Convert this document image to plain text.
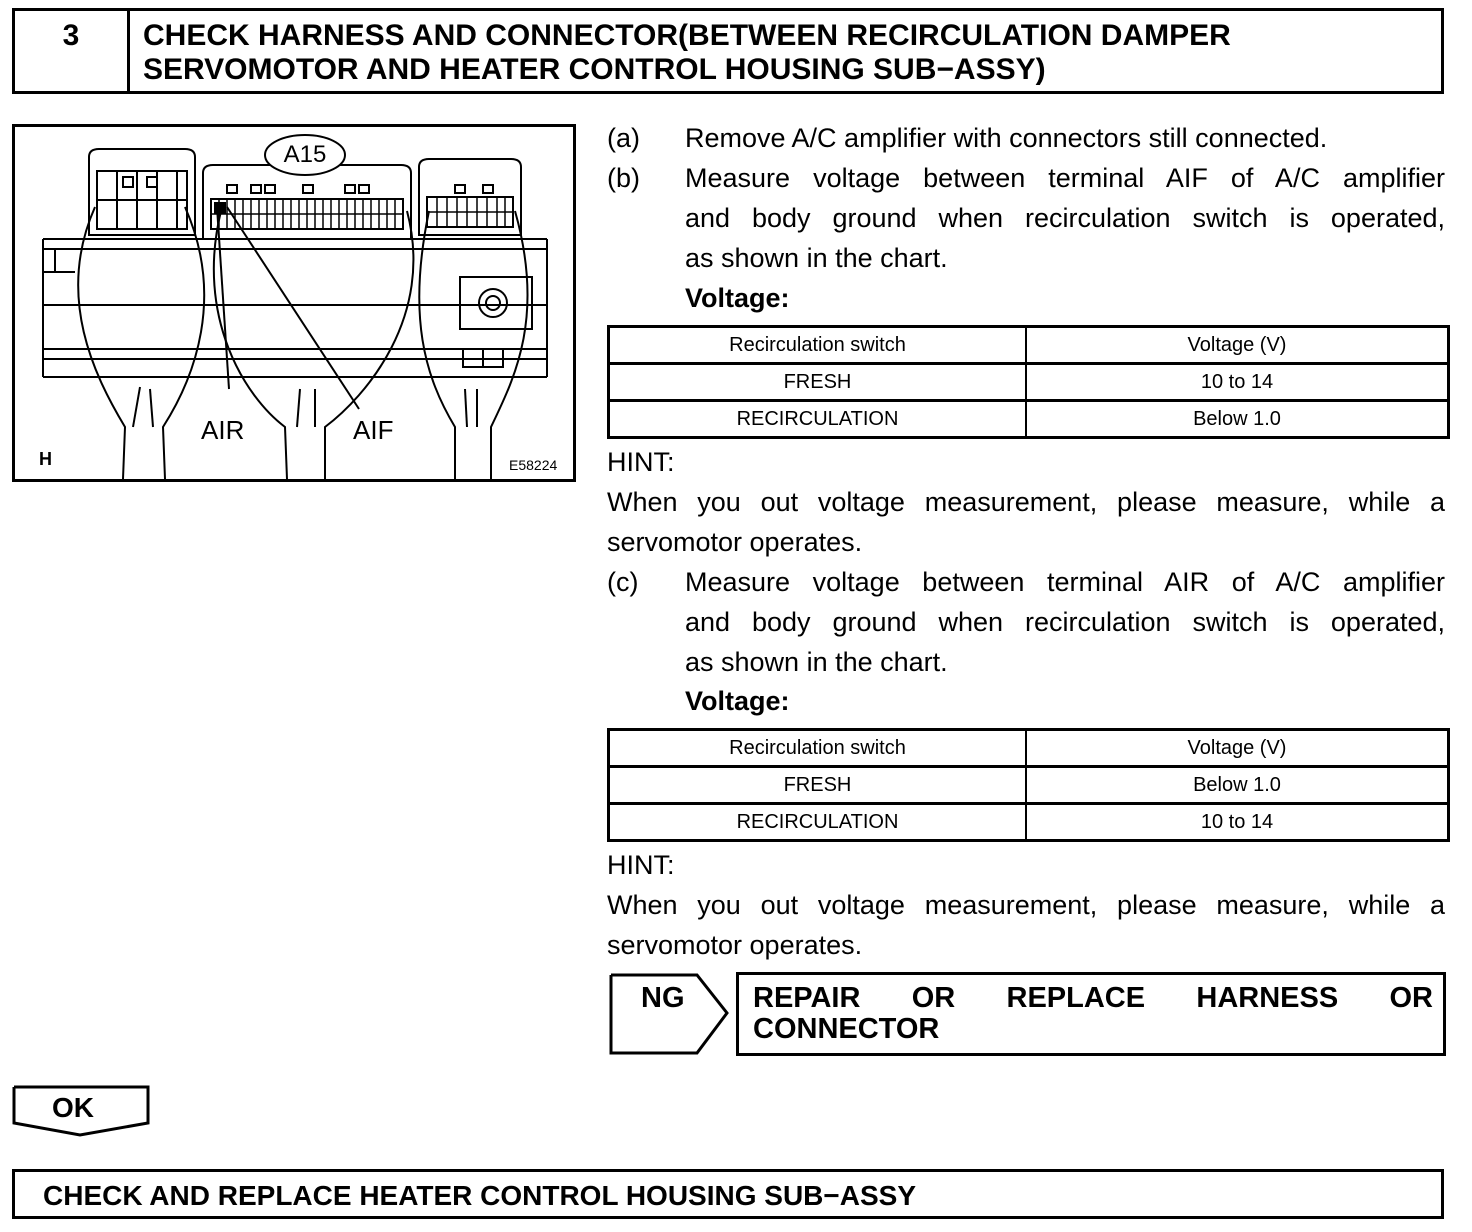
3	CHECK HARNESS AND CONNECTOR(BETWEEN RECIRCULATION DAMPER
SERVOMOTOR AND HEATER CONTROL HOUSING SUB−ASSY)
A15
AIR	AIF
H	E58224
(a) Remove A/C amplifier with connectors still connected.
(b) Measure voltage between terminal AIF of A/C amplifier
and body ground when recirculation switch is operated,
as shown in the chart.
Voltage:
Recirculation switch	Voltage (V)
FRESH	10 to 14
RECIRCULATION	Below 1.0
HINT:
When you out voltage measurement, please measure, while a
servomotor operates.
(c) Measure voltage between terminal AIR of A/C amplifier
and body ground when recirculation switch is operated,
as shown in the chart.
Voltage:
Recirculation switch	Voltage (V)
FRESH	Below 1.0
RECIRCULATION	10 to 14
HINT:
When you out voltage measurement, please measure, while a
servomotor operates.
NG REPAIR OR REPLACE HARNESS OR
CONNECTOR
OK
CHECK AND REPLACE HEATER CONTROL HOUSING SUB−ASSY
